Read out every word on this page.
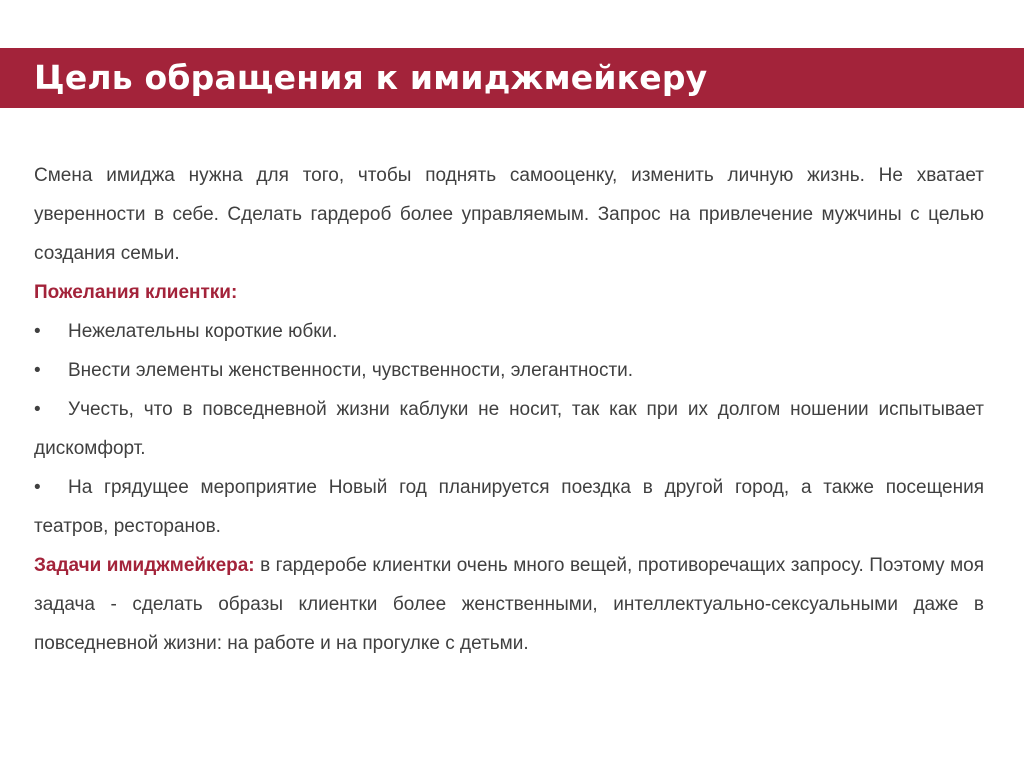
Цель обращения к имиджмейкеру

Смена имиджа нужна для того, чтобы поднять самооценку, изменить личную жизнь. Не хватает уверенности в себе. Сделать гардероб более управляемым. Запрос на привлечение мужчины с целью создания семьи.

Пожелания клиентки:

• Нежелательны короткие юбки.

• Внести элементы женственности, чувственности, элегантности.

• Учесть, что в повседневной жизни каблуки не носит, так как при их долгом ношении испытывает дискомфорт.

• На грядущее мероприятие Новый год планируется поездка в другой город, а также посещения театров, ресторанов.

Задачи имиджмейкера: в гардеробе клиентки очень много вещей, противоречащих запросу. Поэтому моя задача - сделать образы клиентки более женственными, интеллектуально-сексуальными даже в повседневной жизни: на работе и на прогулке с детьми.
